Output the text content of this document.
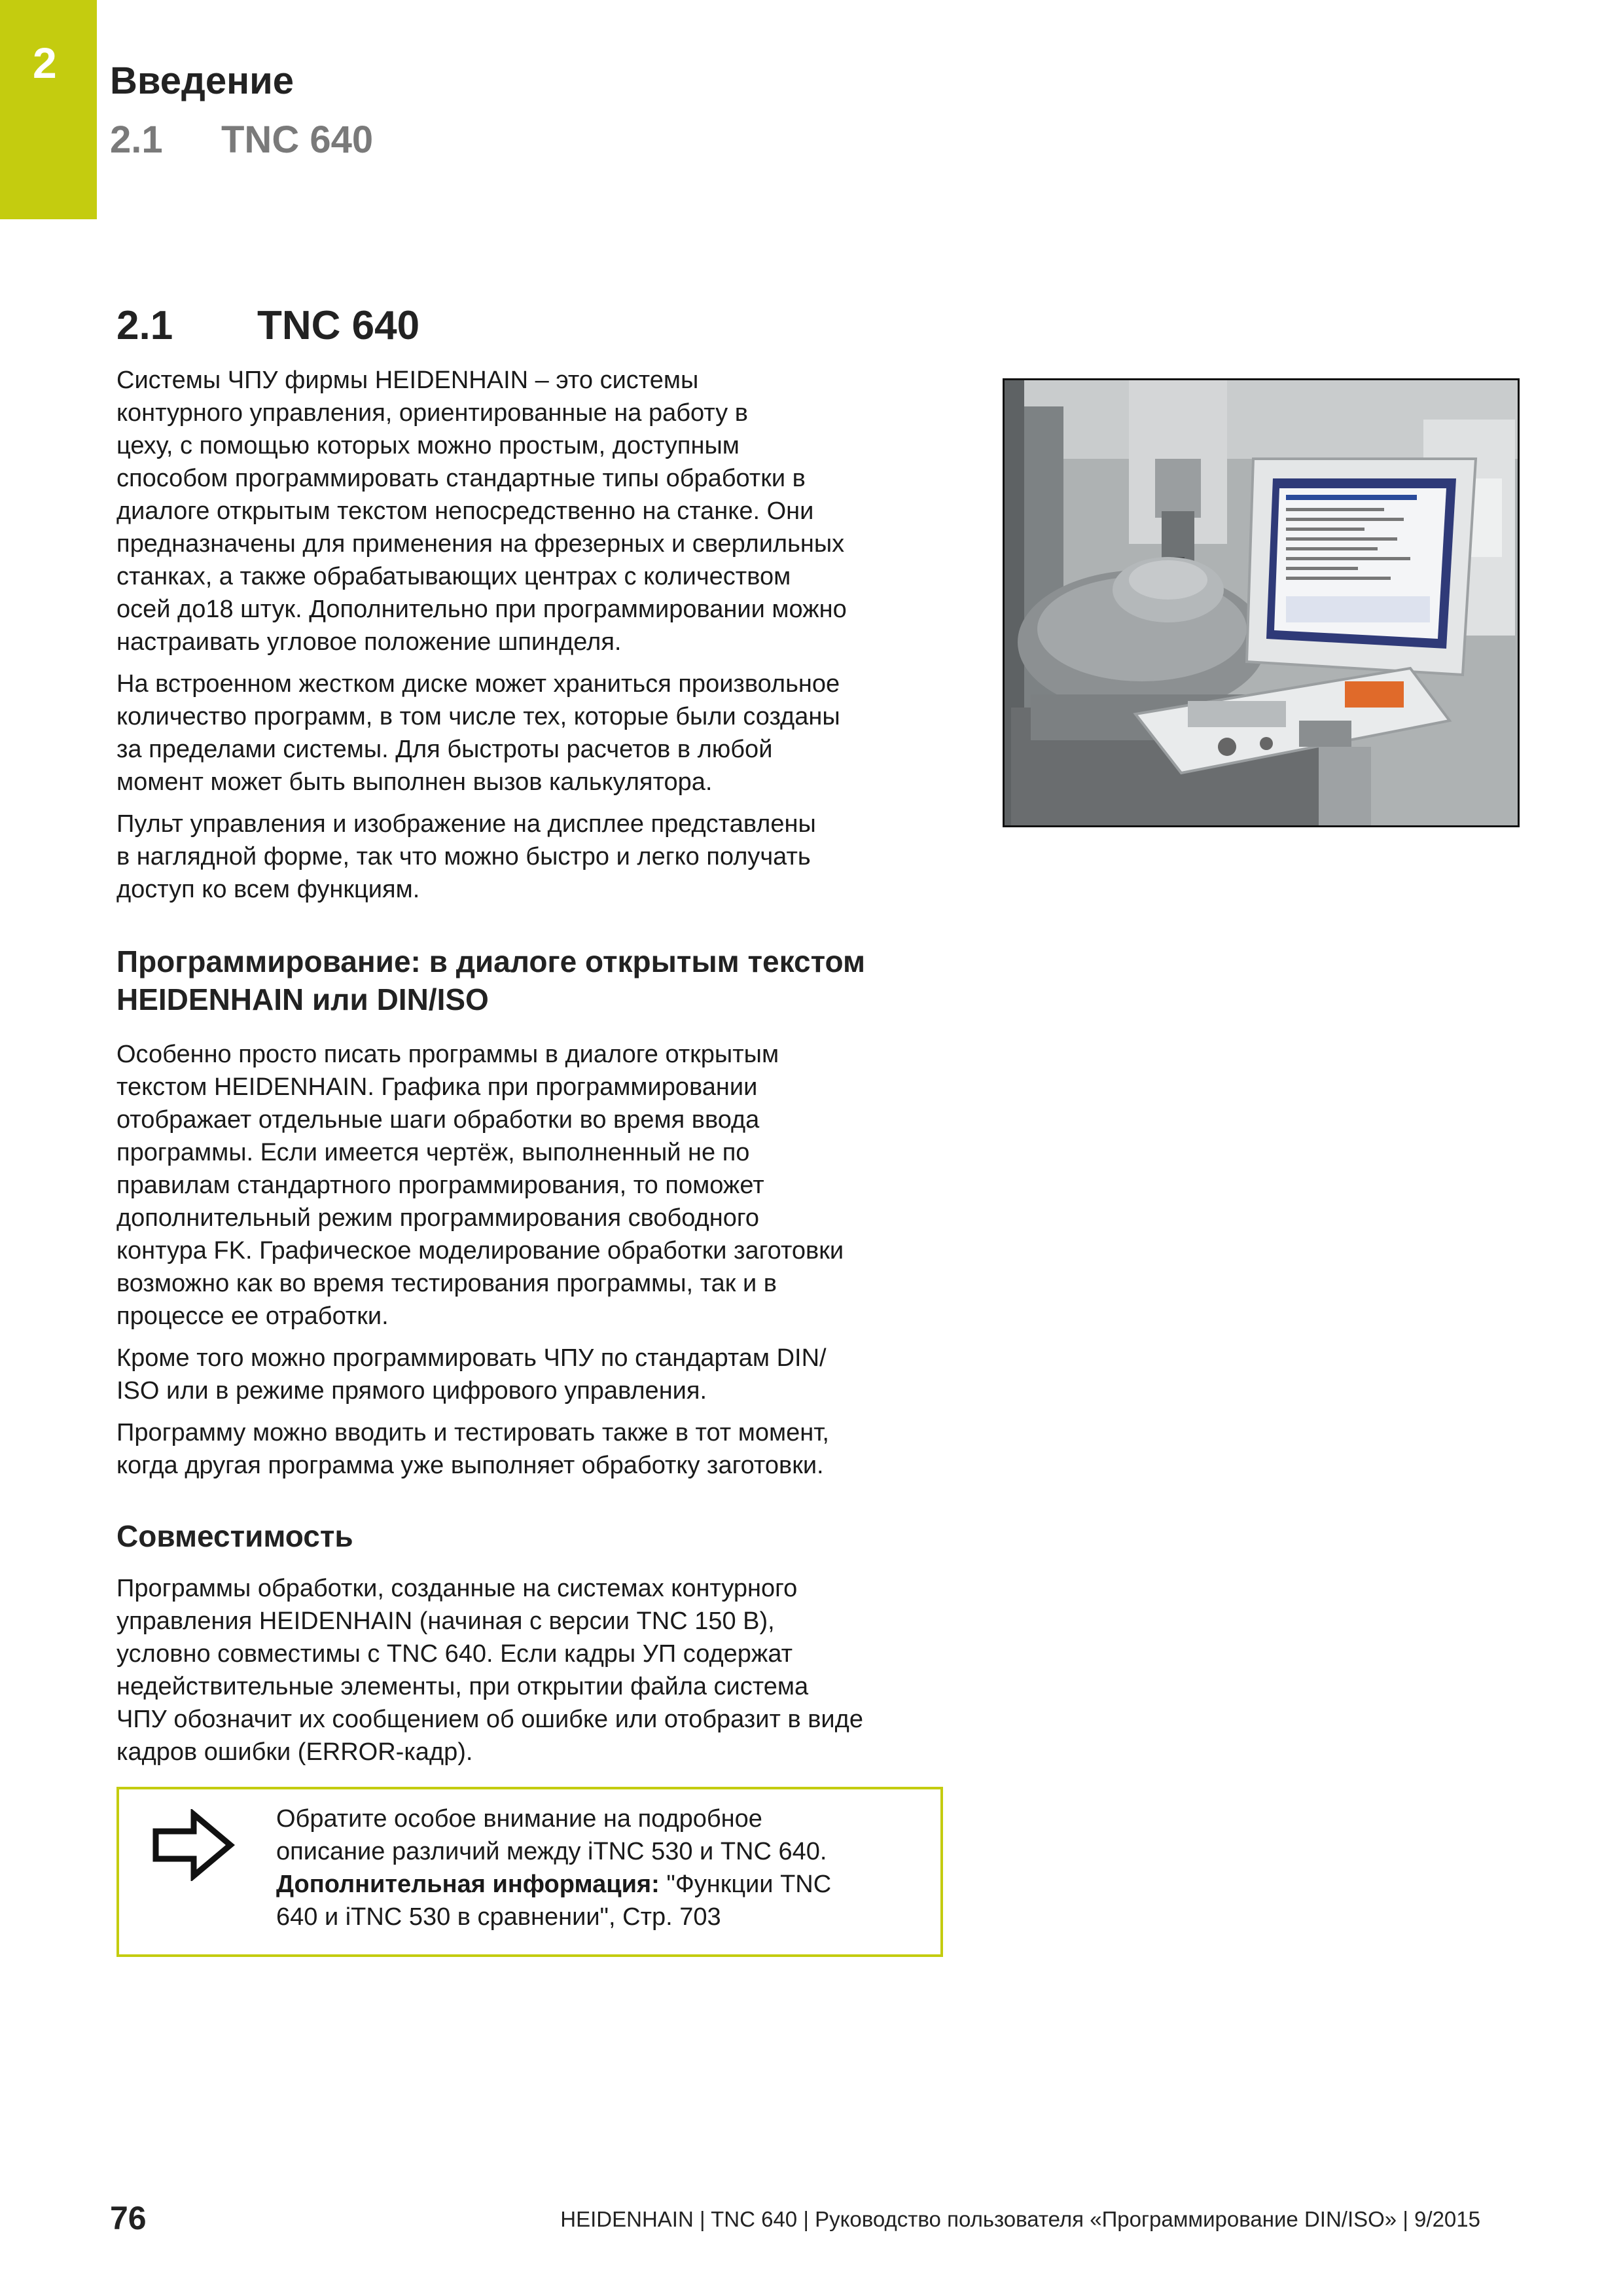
2 Введение
2.1 TNC 640
2.1 TNC 640

Системы ЧПУ фирмы HEIDENHAIN – это системы
контурного управления, ориентированные на работу в
цеху, с помощью которых можно простым, доступным
способом программировать стандартные типы обработки в
диалоге открытым текстом непосредственно на станке. Они
предназначены для применения на фрезерных и сверлильных
станках, а также обрабатывающих центрах с количеством
осей до18 штук. Дополнительно при программировании можно
настраивать угловое положение шпинделя.

На встроенном жестком диске может храниться произвольное
количество программ, в том числе тех, которые были созданы
за пределами системы. Для быстроты расчетов в любой
момент может быть выполнен вызов калькулятора.

Пульт управления и изображение на дисплее представлены
в наглядной форме, так что можно быстро и легко получать
доступ ко всем функциям.

Программирование: в диалоге открытым текстом
HEIDENHAIN или DIN/ISO

Особенно просто писать программы в диалоге открытым
текстом HEIDENHAIN. Графика при программировании
отображает отдельные шаги обработки во время ввода
программы. Если имеется чертёж, выполненный не по
правилам стандартного программирования, то поможет
дополнительный режим программирования свободного
контура FK. Графическое моделирование обработки заготовки
возможно как во время тестирования программы, так и в
процессе ее отработки.

Кроме того можно программировать ЧПУ по стандартам DIN/
ISO или в режиме прямого цифрового управления.

Программу можно вводить и тестировать также в тот момент,
когда другая программа уже выполняет обработку заготовки.

Совместимость

Программы обработки, созданные на системах контурного
управления HEIDENHAIN (начиная с версии TNC 150 B),
условно совместимы с TNC 640. Если кадры УП содержат
недействительные элементы, при открытии файла система
ЧПУ обозначит их сообщением об ошибке или отобразит в виде
кадров ошибки (ERROR-кадр).

Обратите особое внимание на подробное
описание различий между iTNC 530 и TNC 640.
Дополнительная информация: "Функции TNC
640 и iTNC 530 в сравнении", Стр. 703
76	HEIDENHAIN | TNC 640 | Руководство пользователя «Программирование DIN/ISO» | 9/2015
